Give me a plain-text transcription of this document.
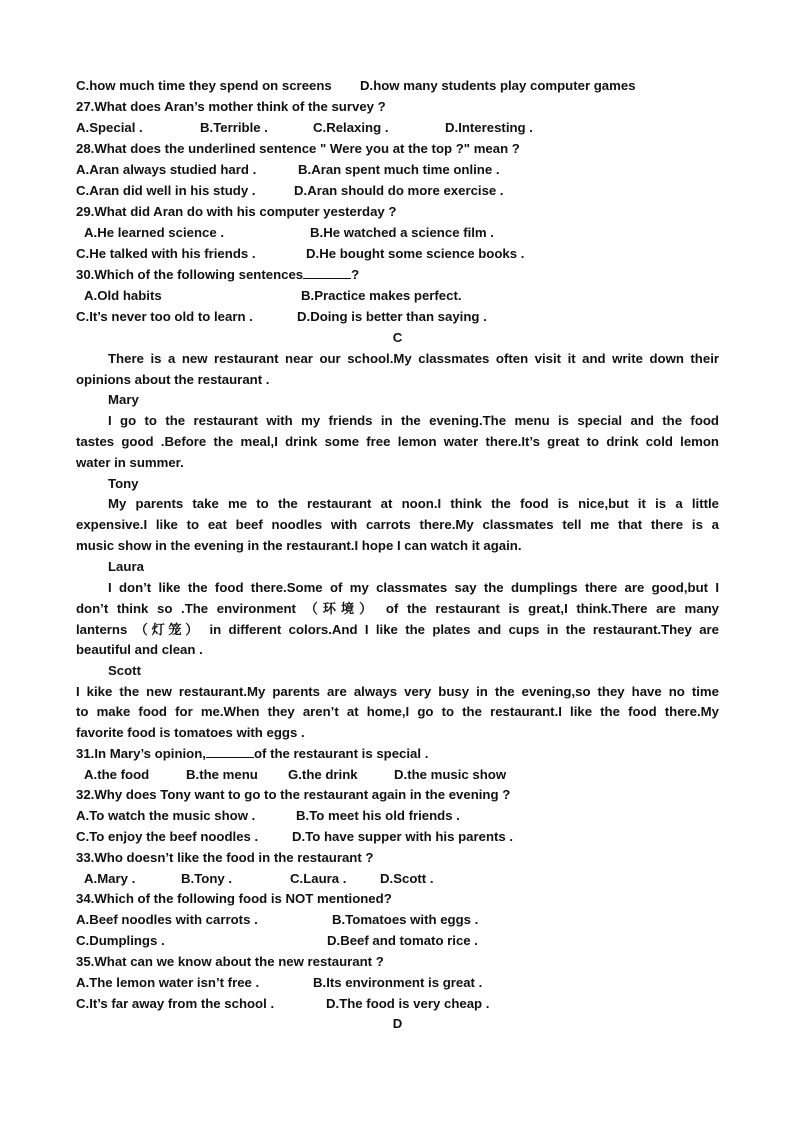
C.how much time they spend on screens D.how many students play computer games
27.What does Aran’s mother think of the survey ?
A.Special .	B.Terrible .	C.Relaxing .	D.Interesting .
28.What does the underlined sentence " Were you at the top ?" mean ?
A.Aran always studied hard .	B.Aran spent much time online .
C.Aran did well in his study .	D.Aran should do more exercise .
29.What did Aran do with his computer yesterday ?
A.He learned science .	B.He watched a science film .
C.He talked with his friends .	D.He bought some science books .
30.Which of the following sentences	?
A.Old habits	B.Practice makes perfect.
C.It’s never too old to learn .	D.Doing is better than saying .
C
There is a new restaurant near our school.My classmates often visit it and write down their
opinions about the restaurant .
Mary
I go to the restaurant with my friends in the evening.The menu is special and the food
tastes good .Before the meal,I drink some free lemon water there.It’s great to drink cold lemon
water in summer.
Tony
My parents take me to the restaurant at noon.I think the food is nice,but it is a little
expensive.I like to eat beef noodles with carrots there.My classmates tell me that there is a
music show in the evening in the restaurant.I hope I can watch it again.
Laura
I don’t like the food there.Some of my classmates say the dumplings there are good,but I
don’t think so .The environment （环境） of the restaurant is great,I think.There are many
lanterns （灯笼） in different colors.And I like the plates and cups in the restaurant.They are
beautiful and clean .
Scott
I kike the new restaurant.My parents are always very busy in the evening,so they have no time
to make food for me.When they aren’t at home,I go to the restaurant.I like the food there.My
favorite food is tomatoes with eggs .
31.In Mary’s opinion,	of the restaurant is special .
A.the food	B.the menu G.the drink	D.the music show
32.Why does Tony want to go to the restaurant again in the evening ?
A.To watch the music show .	B.To meet his old friends .
C.To enjoy the beef noodles .	D.To have supper with his parents .
33.Who doesn’t like the food in the restaurant ?
A.Mary .	B.Tony .	C.Laura .	D.Scott .
34.Which of the following food is NOT mentioned?
A.Beef noodles with carrots .	B.Tomatoes with eggs .
C.Dumplings .	D.Beef and tomato rice .
35.What can we know about the new restaurant ?
A.The lemon water isn’t free .	B.Its environment is great .
C.It’s far away from the school .	D.The food is very cheap .
D
